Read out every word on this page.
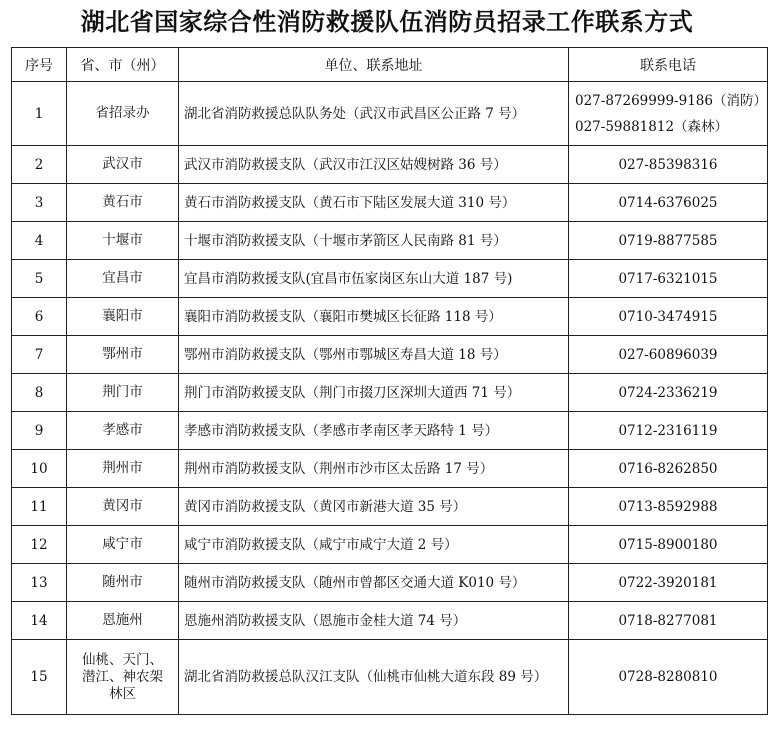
湖北省国家综合性消防救援队伍消防员招录工作联系方式
序号	省、市（州）	单位、联系地址	联系电话
1	省招录办	湖北省消防救援总队队务处（武汉市武昌区公正路 7 号）	027-87269999-9186（消防）
027-59881812（森林）

2	武汉市	武汉市消防救援支队（武汉市江汉区姑嫂树路 36 号）	027-85398316
3	黄石市	黄石市消防救援支队（黄石市下陆区发展大道 310 号）	0714-6376025
4	十堰市	十堰市消防救援支队（十堰市茅箭区人民南路 81 号）	0719-8877585
5	宜昌市	宜昌市消防救援支队(宜昌市伍家岗区东山大道 187 号)	0717-6321015
6	襄阳市	襄阳市消防救援支队（襄阳市樊城区长征路 118 号）	0710-3474915
7	鄂州市	鄂州市消防救援支队（鄂州市鄂城区寿昌大道 18 号）	027-60896039
8	荆门市	荆门市消防救援支队（荆门市掇刀区深圳大道西 71 号）	0724-2336219
9	孝感市	孝感市消防救援支队（孝感市孝南区孝天路特 1 号）	0712-2316119
10	荆州市	荆州市消防救援支队（荆州市沙市区太岳路 17 号）	0716-8262850
11	黄冈市	黄冈市消防救援支队（黄冈市新港大道 35 号）	0713-8592988
12	咸宁市	咸宁市消防救援支队（咸宁市咸宁大道 2 号）	0715-8900180
13	随州市	随州市消防救援支队（随州市曾都区交通大道 K010 号）	0722-3920181
14	恩施州	恩施州消防救援支队（恩施市金桂大道 74 号）	0718-8277081
15	仙桃、天门、
潜江、神农架
林区	湖北省消防救援总队汉江支队（仙桃市仙桃大道东段 89 号）	0728-8280810
